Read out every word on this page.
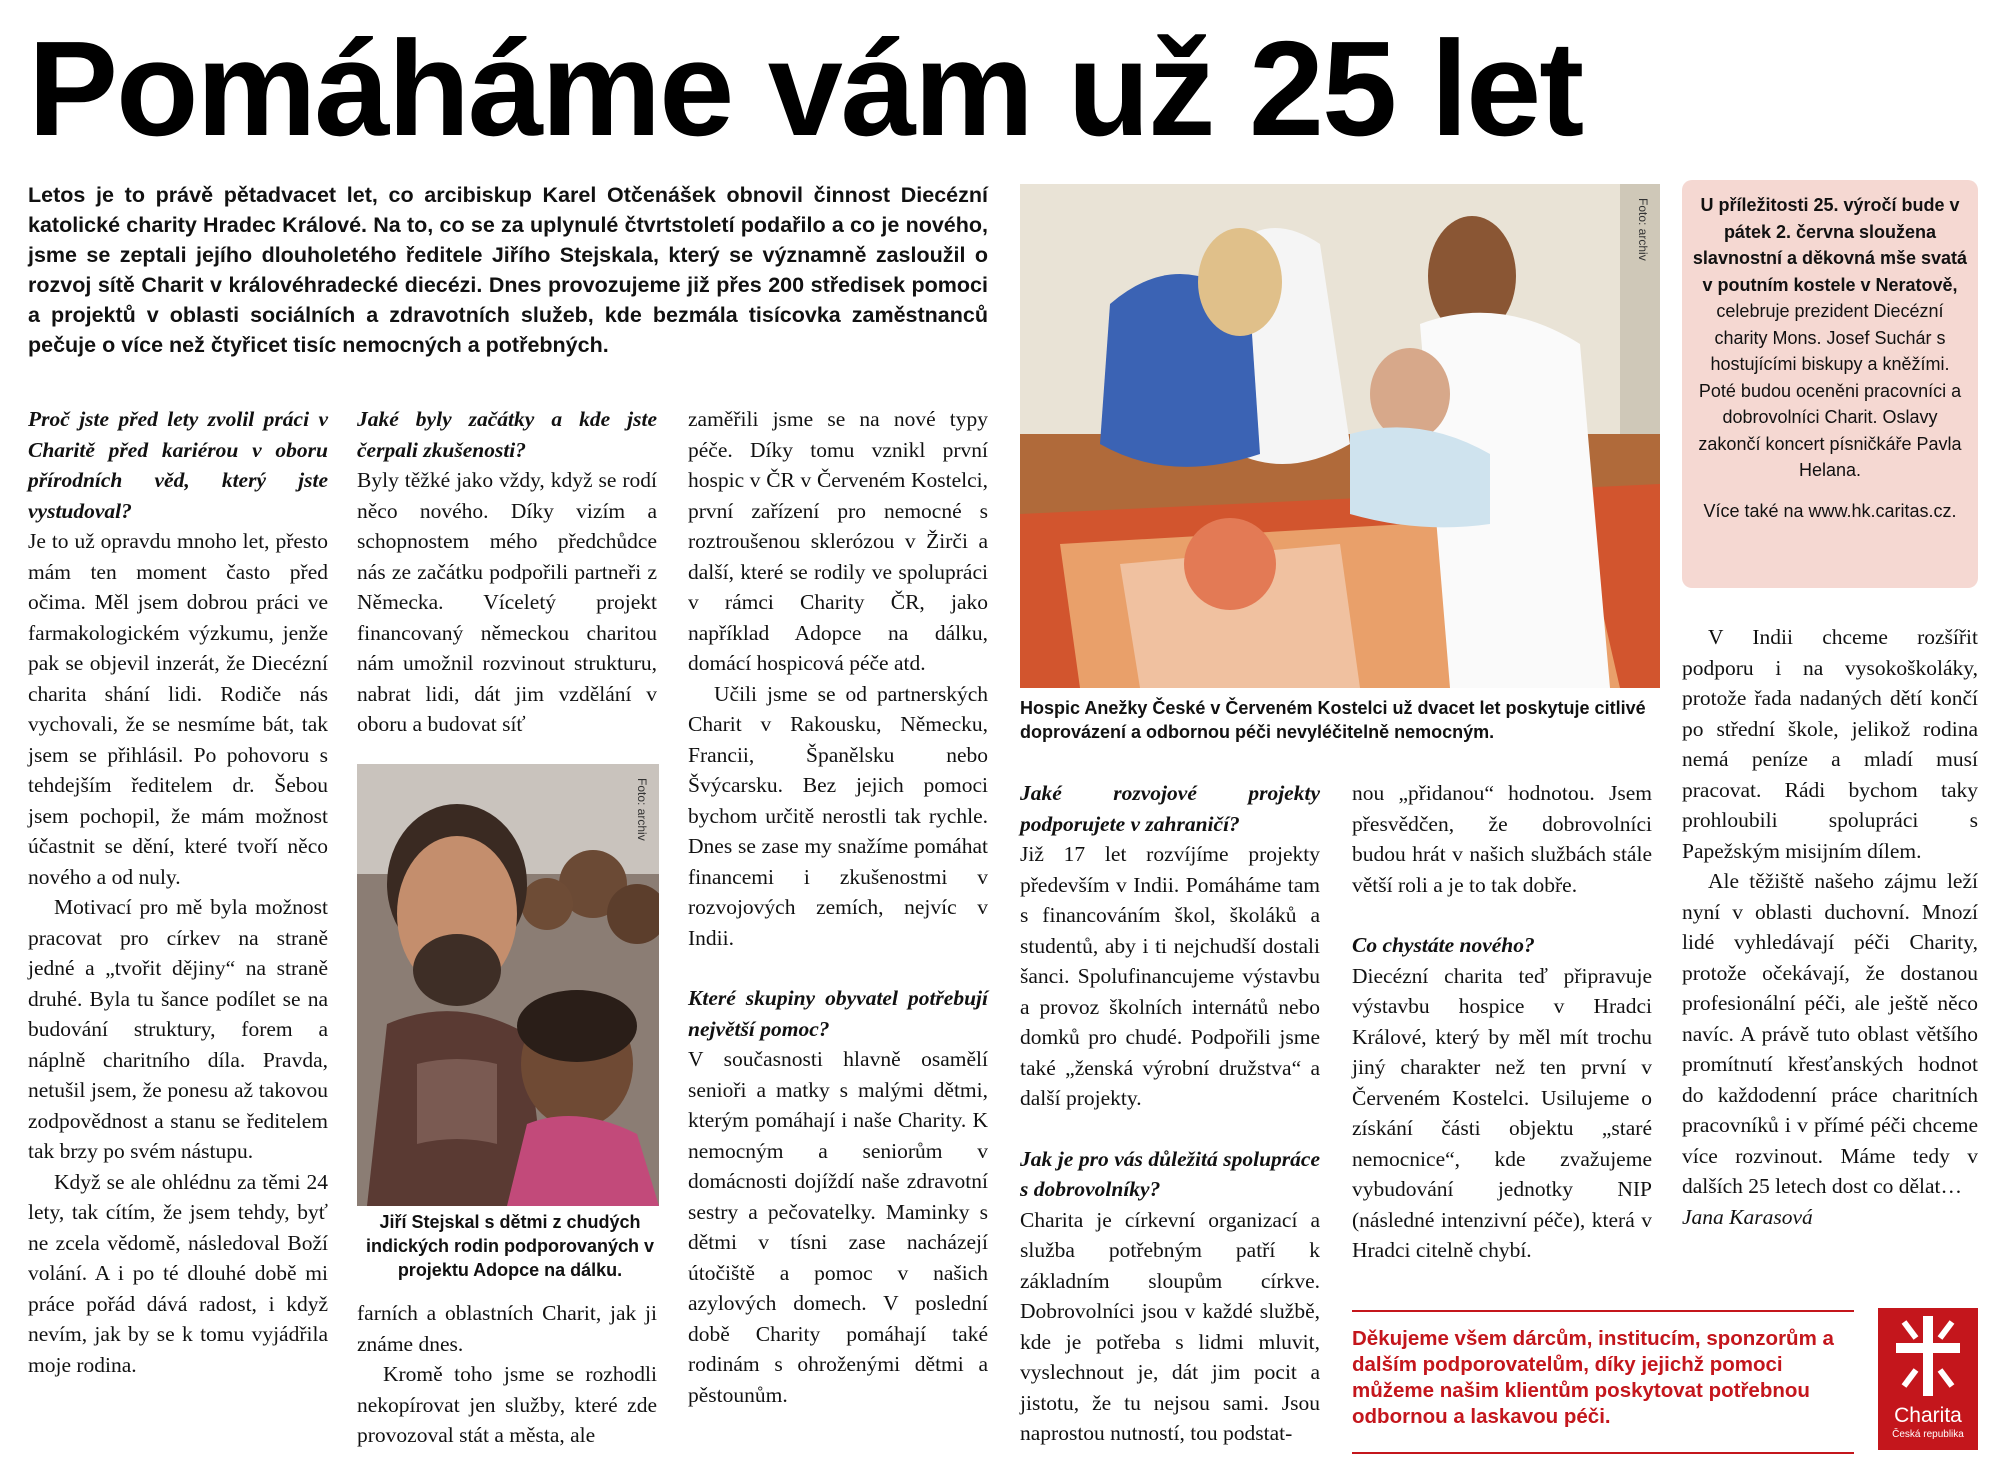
Pomáháme vám už 25 let

Letos je to právě pětadvacet let, co arcibiskup Karel Otčenášek obnovil činnost Diecézní katolické charity Hradec Králové. Na to, co se za uplynulé čtvrtstoletí podařilo a co je nového, jsme se zeptali jejího dlouholetého ředitele Jiřího Stejskala, který se významně zasloužil o rozvoj sítě Charit v královéhradecké diecézi. Dnes provozujeme již přes 200 středisek pomoci a projektů v oblasti sociálních a zdravotních služeb, kde bezmála tisícovka zaměstnanců pečuje o více než čtyřicet tisíc nemocných a potřebných.

Proč jste před lety zvolil práci v Charitě před kariérou v oboru přírodních věd, který jste vystudoval?

Je to už opravdu mnoho let, přesto mám ten moment často před očima. Měl jsem dobrou práci ve farmakologickém výzkumu, jenže pak se objevil inzerát, že Diecézní charita shání lidi. Rodiče nás vychovali, že se nesmíme bát, tak jsem se přihlásil. Po pohovoru s tehdejším ředitelem dr. Šebou jsem pochopil, že mám možnost účastnit se dění, které tvoří něco nového a od nuly.

Motivací pro mě byla možnost pracovat pro církev na straně jedné a „tvořit dějiny“ na straně druhé. Byla tu šance podílet se na budování struktury, forem a náplně charitního díla. Pravda, netušil jsem, že ponesu až takovou zodpovědnost a stanu se ředitelem tak brzy po svém nástupu.

Když se ale ohlédnu za těmi 24 lety, tak cítím, že jsem tehdy, byť ne zcela vědomě, následoval Boží volání. A i po té dlouhé době mi práce pořád dává radost, i když nevím, jak by se k tomu vyjádřila moje rodina.

Jaké byly začátky a kde jste čerpali zkušenosti?

Byly těžké jako vždy, když se rodí něco nového. Díky vizím a schopnostem mého předchůdce nás ze začátku podpořili partneři z Německa. Víceletý projekt financovaný německou charitou nám umožnil rozvinout strukturu, nabrat lidi, dát jim vzdělání v oboru a budovat síť

Foto: archiv
Jiří Stejskal s dětmi z chudých indických rodin podporovaných v projektu Adopce na dálku.

farních a oblastních Charit, jak ji známe dnes.

Kromě toho jsme se rozhodli nekopírovat jen služby, které zde provozoval stát a města, ale

zaměřili jsme se na nové typy péče. Díky tomu vznikl první hospic v ČR v Červeném Kostelci, první zařízení pro nemocné s roztroušenou sklerózou v Žirči a další, které se rodily ve spolupráci v rámci Charity ČR, jako například Adopce na dálku, domácí hospicová péče atd.

Učili jsme se od partnerských Charit v Rakousku, Německu, Francii, Španělsku nebo Švýcarsku. Bez jejich pomoci bychom určitě nerostli tak rychle. Dnes se zase my snažíme pomáhat financemi i zkušenostmi v rozvojových zemích, nejvíc v Indii.

Které skupiny obyvatel potřebují největší pomoc?

V současnosti hlavně osamělí senioři a matky s malými dětmi, kterým pomáhají i naše Charity. K nemocným a seniorům v domácnosti dojíždí naše zdravotní sestry a pečovatelky. Maminky s dětmi v tísni zase nacházejí útočiště a pomoc v našich azylových domech. V poslední době Charity pomáhají také rodinám s ohroženými dětmi a pěstounům.

Foto: archiv
Hospic Anežky České v Červeném Kostelci už dvacet let poskytuje citlivé doprovázení a odbornou péči nevyléčitelně nemocným.

Jaké rozvojové projekty podporujete v zahraničí?

Již 17 let rozvíjíme projekty především v Indii. Pomáháme tam s financováním škol, školáků a studentů, aby i ti nejchudší dostali šanci. Spolufinancujeme výstavbu a provoz školních internátů nebo domků pro chudé. Podpořili jsme také „ženská výrobní družstva“ a další projekty.

Jak je pro vás důležitá spolupráce s dobrovolníky?

Charita je církevní organizací a služba potřebným patří k základním sloupům církve. Dobrovolníci jsou v každé službě, kde je potřeba s lidmi mluvit, vyslechnout je, dát jim pocit a jistotu, že tu nejsou sami. Jsou naprostou nutností, tou podstat-

nou „přidanou“ hodnotou. Jsem přesvědčen, že dobrovolníci budou hrát v našich službách stále větší roli a je to tak dobře.

Co chystáte nového?

Diecézní charita teď připravuje výstavbu hospice v Hradci Králové, který by měl mít trochu jiný charakter než ten první v Červeném Kostelci. Usilujeme o získání části objektu „staré nemocnice“, kde zvažujeme vybudování jednotky NIP (následné intenzivní péče), která v Hradci citelně chybí.

U příležitosti 25. výročí bude v pátek 2. června sloužena slavnostní a děkovná mše svatá v poutním kostele v Neratově, celebruje prezident Diecézní charity Mons. Josef Suchár s hostujícími biskupy a kněžími. Poté budou oceněni pracovníci a dobrovolníci Charit. Oslavy zakončí koncert písničkáře Pavla Helana.
Více také na www.hk.caritas.cz.

V Indii chceme rozšířit podporu i na vysokoškoláky, protože řada nadaných dětí končí po střední škole, jelikož rodina nemá peníze a mladí musí pracovat. Rádi bychom taky prohloubili spolupráci s Papežským misijním dílem.

Ale těžiště našeho zájmu leží nyní v oblasti duchovní. Mnozí lidé vyhledávají péči Charity, protože očekávají, že dostanou profesionální péči, ale ještě něco navíc. A právě tuto oblast většího promítnutí křesťanských hodnot do každodenní práce charitních pracovníků i v přímé péči chceme více rozvinout. Máme tedy v dalších 25 letech dost co dělat…

Jana Karasová

Děkujeme všem dárcům, institucím, sponzorům a dalším podporovatelům, díky jejichž pomoci můžeme našim klientům poskytovat potřebnou odbornou a laskavou péči.	Charita
Česká republika
